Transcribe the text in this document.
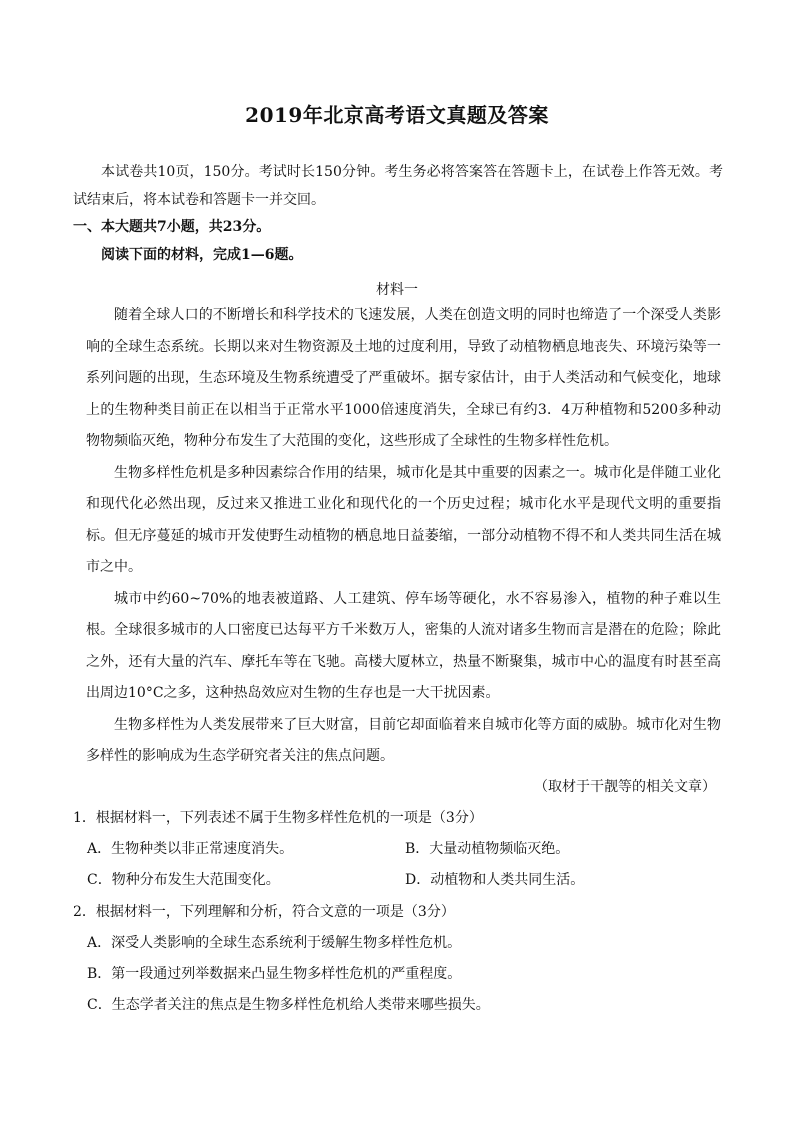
2019年北京高考语文真题及答案
本试卷共10页，150分。考试时长150分钟。考生务必将答案答在答题卡上，在试卷上作答无效。考试结束后，将本试卷和答题卡一并交回。
一、本大题共7小题，共23分。
阅读下面的材料，完成1—6题。
材料一

随着全球人口的不断增长和科学技术的飞速发展，人类在创造文明的同时也缔造了一个深受人类影响的全球生态系统。长期以来对生物资源及土地的过度利用，导致了动植物栖息地丧失、环境污染等一系列问题的出现，生态环境及生物系统遭受了严重破坏。据专家估计，由于人类活动和气候变化，地球上的生物种类目前正在以相当于正常水平1000倍速度消失，全球已有约3．4万种植物和5200多种动物物频临灭绝，物种分布发生了大范围的变化，这些形成了全球性的生物多样性危机。

生物多样性危机是多种因素综合作用的结果，城市化是其中重要的因素之一。城市化是伴随工业化和现代化必然出现，反过来又推进工业化和现代化的一个历史过程；城市化水平是现代文明的重要指标。但无序蔓延的城市开发使野生动植物的栖息地日益萎缩，一部分动植物不得不和人类共同生活在城市之中。

城市中约60~70%的地表被道路、人工建筑、停车场等硬化，水不容易渗入，植物的种子难以生根。全球很多城市的人口密度已达每平方千米数万人，密集的人流对诸多生物而言是潜在的危险；除此之外，还有大量的汽车、摩托车等在飞驰。高楼大厦林立，热量不断聚集，城市中心的温度有时甚至高出周边10°C之多，这种热岛效应对生物的生存也是一大干扰因素。

生物多样性为人类发展带来了巨大财富，目前它却面临着来自城市化等方面的威胁。城市化对生物多样性的影响成为生态学研究者关注的焦点问题。

（取材于干靓等的相关文章）
1．根据材料一，下列表述不属于生物多样性危机的一项是（3分）
A．生物种类以非正常速度消失。	B．大量动植物频临灭绝。
C．物种分布发生大范围变化。	D．动植物和人类共同生活。
2．根据材料一，下列理解和分析，符合文意的一项是（3分）
A．深受人类影响的全球生态系统利于缓解生物多样性危机。
B．第一段通过列举数据来凸显生物多样性危机的严重程度。
C．生态学者关注的焦点是生物多样性危机给人类带来哪些损失。
